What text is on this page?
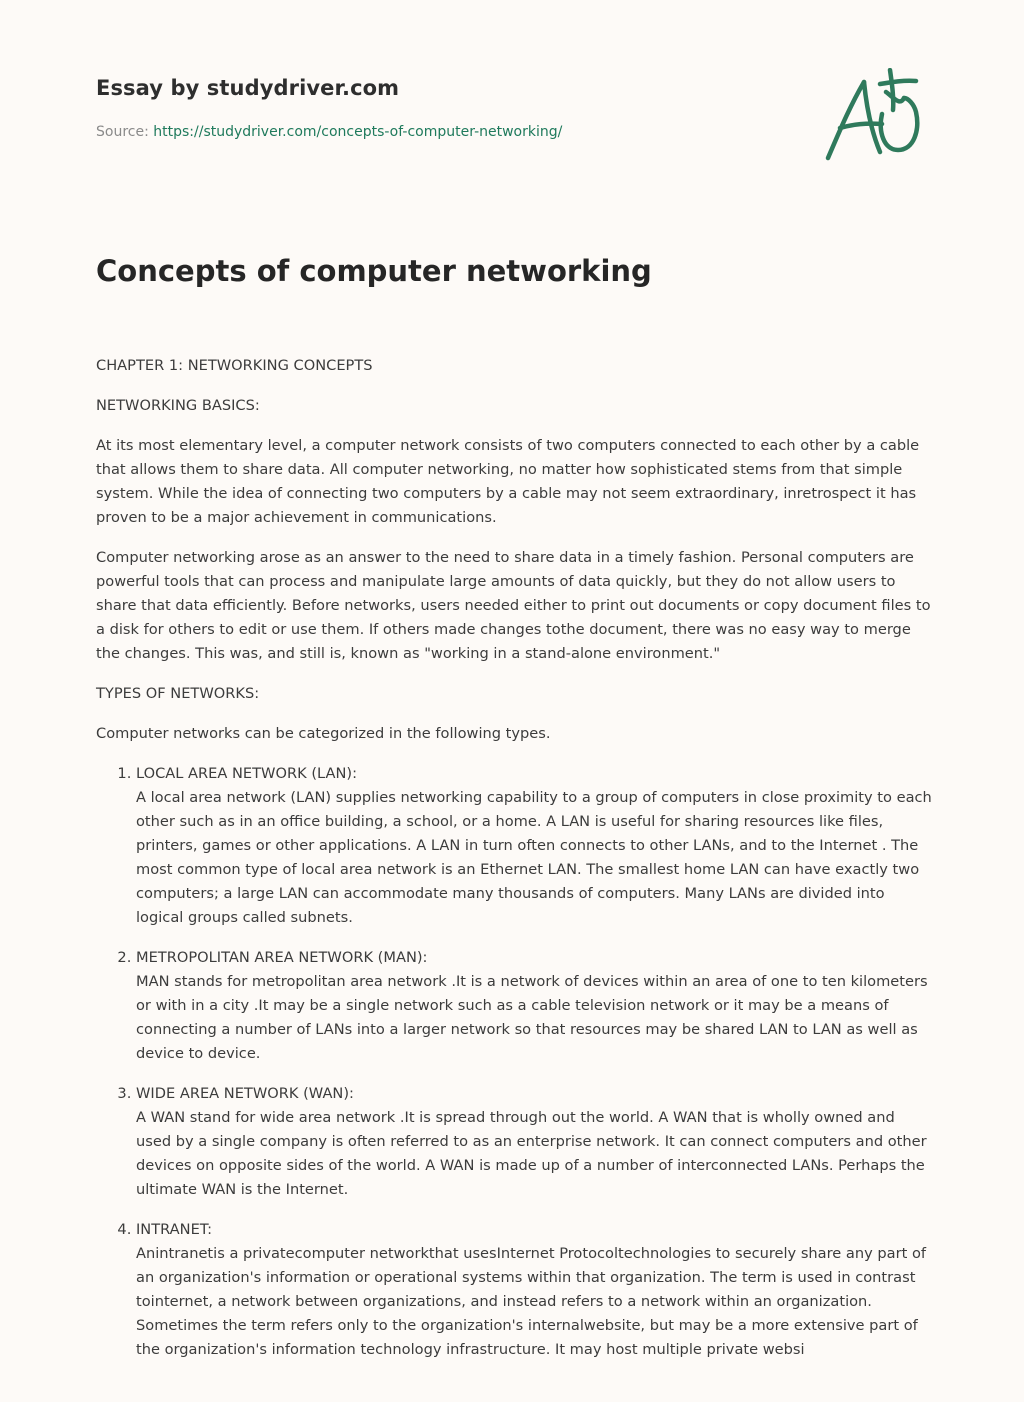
Essay by studydriver.com
Source: https://studydriver.com/concepts-of-computer-networking/
Concepts of computer networking

CHAPTER 1: NETWORKING CONCEPTS

NETWORKING BASICS:

At its most elementary level, a computer network consists of two computers connected to each other by a cable that allows them to share data. All computer networking, no matter how sophisticated stems from that simple system. While the idea of connecting two computers by a cable may not seem extraordinary, inretrospect it has proven to be a major achievement in communications.

Computer networking arose as an answer to the need to share data in a timely fashion. Personal computers are powerful tools that can process and manipulate large amounts of data quickly, but they do not allow users to share that data efficiently. Before networks, users needed either to print out documents or copy document files to a disk for others to edit or use them. If others made changes tothe document, there was no easy way to merge the changes. This was, and still is, known as "working in a stand-alone environment."

TYPES OF NETWORKS:

Computer networks can be categorized in the following types.

1. LOCAL AREA NETWORK (LAN):
A local area network (LAN) supplies networking capability to a group of computers in close proximity to each other such as in an office building, a school, or a home. A LAN is useful for sharing resources like files, printers, games or other applications. A LAN in turn often connects to other LANs, and to the Internet . The most common type of local area network is an Ethernet LAN. The smallest home LAN can have exactly two computers; a large LAN can accommodate many thousands of computers. Many LANs are divided into logical groups called subnets.
2. METROPOLITAN AREA NETWORK (MAN):
MAN stands for metropolitan area network .It is a network of devices within an area of one to ten kilometers or with in a city .It may be a single network such as a cable television network or it may be a means of connecting a number of LANs into a larger network so that resources may be shared LAN to LAN as well as device to device.
3. WIDE AREA NETWORK (WAN):
A WAN stand for wide area network .It is spread through out the world. A WAN that is wholly owned and used by a single company is often referred to as an enterprise network. It can connect computers and other devices on opposite sides of the world. A WAN is made up of a number of interconnected LANs. Perhaps the ultimate WAN is the Internet.
4. INTRANET:
Anintranetis a privatecomputer networkthat usesInternet Protocoltechnologies to securely share any part of an organization's information or operational systems within that organization. The term is used in contrast tointernet, a network between organizations, and instead refers to a network within an organization. Sometimes the term refers only to the organization's internalwebsite, but may be a more extensive part of the organization's information technology infrastructure. It may host multiple private websi
